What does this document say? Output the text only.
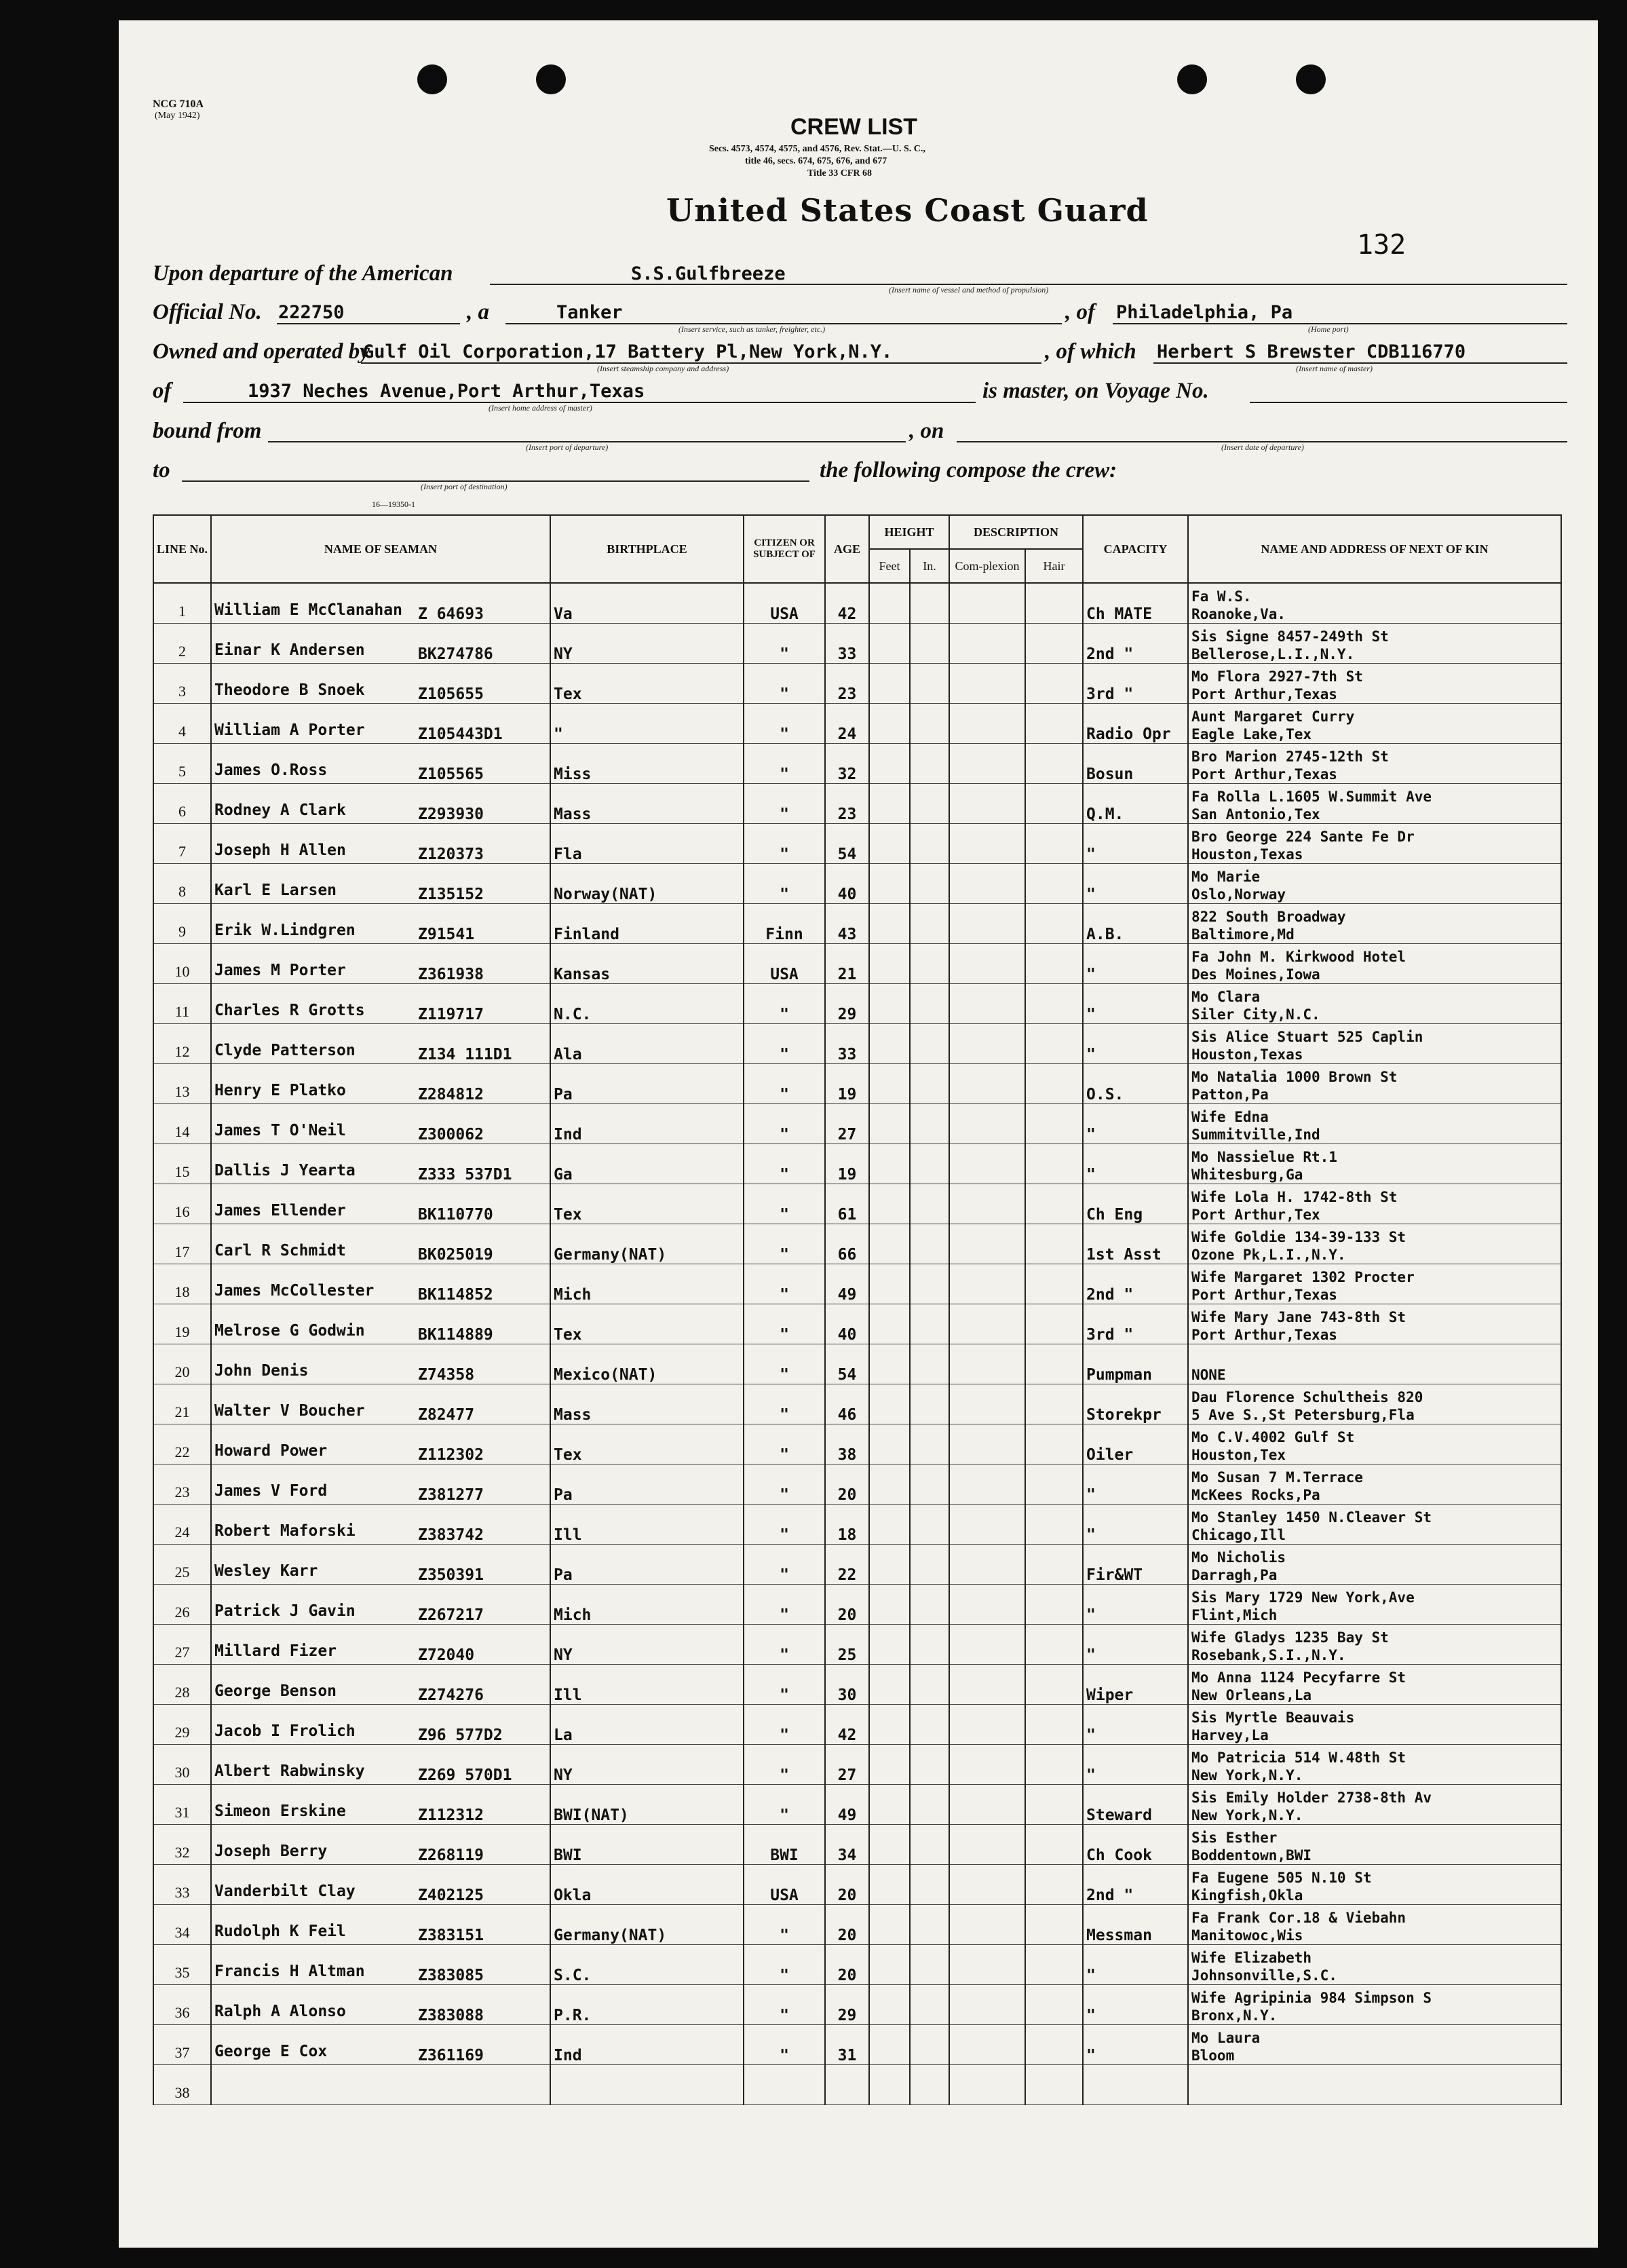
NCG 710A
(May 1942)	CREW LIST
Secs. 4573, 4574, 4575, and 4576, Rev. Stat.—U. S. C.,
title 46, secs. 674, 675, 676, and 677
Title 33 CFR 68
United States Coast Guard
132
Upon departure of the American	S.S.Gulfbreeze
(Insert name of vessel and method of propulsion)
Official No. 222750	, a	Tanker
(Insert service, such as tanker, freighter, etc.)
, of Philadelphia, Pa
(Home port)
Owned and operated by
Gulf Oil Corporation,17 Battery Pl,New York,N.Y.
(Insert steamship company and address)
, of which Herbert S Brewster CDB116770
(Insert name of master)
of	1937 Neches Avenue,Port Arthur,Texas
(Insert home address of master)
is master, on Voyage No.
bound from
(Insert port of departure)
, on
(Insert date of departure)
to
(Insert port of destination)
the following compose the crew:
16—19350-1
LINE No.	NAME OF SEAMAN	BIRTHPLACE	CITIZEN OR SUBJECT OF	AGE	HEIGHT		DESCRIPTION		CAPACITY	NAME AND ADDRESS OF NEXT OF KIN
					Feet	In.	Com-plexion	Hair		
1	William E McClanahan Z 64693	Va	USA	42					Ch MATE	Fa W.S.
Roanoke,Va.

2	Einar K Andersen BK274786	NY	"	33					2nd "	Sis Signe 8457-249th St
Bellerose,L.I.,N.Y.

3	Theodore B Snoek Z105655	Tex	"	23					3rd "	Mo Flora 2927-7th St
Port Arthur,Texas

4	William A Porter Z105443D1	"	"	24					Radio Opr	Aunt Margaret Curry
Eagle Lake,Tex

5	James O.Ross Z105565	Miss	"	32					Bosun	Bro Marion 2745-12th St
Port Arthur,Texas

6	Rodney A Clark Z293930	Mass	"	23					Q.M.	Fa Rolla L.1605 W.Summit Ave
San Antonio,Tex

7	Joseph H Allen Z120373	Fla	"	54					"	Bro George 224 Sante Fe Dr
Houston,Texas

8	Karl E Larsen Z135152	Norway(NAT)	"	40					"	Mo Marie
Oslo,Norway

9	Erik W.Lindgren Z91541	Finland	Finn	43					A.B.	822 South Broadway
Baltimore,Md

10	James M Porter Z361938	Kansas	USA	21					"	Fa John M. Kirkwood Hotel
Des Moines,Iowa

11	Charles R Grotts Z119717	N.C.	"	29					"	Mo Clara
Siler City,N.C.

12	Clyde Patterson Z134 111D1	Ala	"	33					"	Sis Alice Stuart 525 Caplin
Houston,Texas

13	Henry E Platko Z284812	Pa	"	19					O.S.	Mo Natalia 1000 Brown St
Patton,Pa

14	James T O'Neil Z300062	Ind	"	27					"	Wife Edna
Summitville,Ind

15	Dallis J Yearta Z333 537D1	Ga	"	19					"	Mo Nassielue Rt.1
Whitesburg,Ga

16	James Ellender BK110770	Tex	"	61					Ch Eng	Wife Lola H. 1742-8th St
Port Arthur,Tex

17	Carl R Schmidt BK025019	Germany(NAT)	"	66					1st Asst	Wife Goldie 134-39-133 St
Ozone Pk,L.I.,N.Y.

18	James McCollester BK114852	Mich	"	49					2nd "	Wife Margaret 1302 Procter
Port Arthur,Texas

19	Melrose G Godwin BK114889	Tex	"	40					3rd "	Wife Mary Jane 743-8th St
Port Arthur,Texas

20	John Denis Z74358	Mexico(NAT)	"	54					Pumpman	NONE

21	Walter V Boucher Z82477	Mass	"	46					Storekpr	Dau Florence Schultheis 820
5 Ave S.,St Petersburg,Fla

22	Howard Power Z112302	Tex	"	38					Oiler	Mo C.V.4002 Gulf St
Houston,Tex

23	James V Ford Z381277	Pa	"	20					"	Mo Susan 7 M.Terrace
McKees Rocks,Pa

24	Robert Maforski Z383742	Ill	"	18					"	Mo Stanley 1450 N.Cleaver St
Chicago,Ill

25	Wesley Karr Z350391	Pa	"	22					Fir&WT	Mo Nicholis
Darragh,Pa

26	Patrick J Gavin Z267217	Mich	"	20					"	Sis Mary 1729 New York,Ave
Flint,Mich

27	Millard Fizer Z72040	NY	"	25					"	Wife Gladys 1235 Bay St
Rosebank,S.I.,N.Y.

28	George Benson Z274276	Ill	"	30					Wiper	Mo Anna 1124 Pecyfarre St
New Orleans,La

29	Jacob I Frolich Z96 577D2	La	"	42					"	Sis Myrtle Beauvais
Harvey,La

30	Albert Rabwinsky Z269 570D1	NY	"	27					"	Mo Patricia 514 W.48th St
New York,N.Y.

31	Simeon Erskine Z112312	BWI(NAT)	"	49					Steward	Sis Emily Holder 2738-8th Av
New York,N.Y.

32	Joseph Berry Z268119	BWI	BWI	34					Ch Cook	Sis Esther
Boddentown,BWI

33	Vanderbilt Clay Z402125	Okla	USA	20					2nd "	Fa Eugene 505 N.10 St
Kingfish,Okla

34	Rudolph K Feil Z383151	Germany(NAT)	"	20					Messman	Fa Frank Cor.18 & Viebahn
Manitowoc,Wis

35	Francis H Altman Z383085	S.C.	"	20					"	Wife Elizabeth
Johnsonville,S.C.

36	Ralph A Alonso Z383088	P.R.	"	29					"	Wife Agripinia 984 Simpson S
Bronx,N.Y.

37	George E Cox Z361169	Ind	"	31					"	Mo Laura
Bloom

38										
